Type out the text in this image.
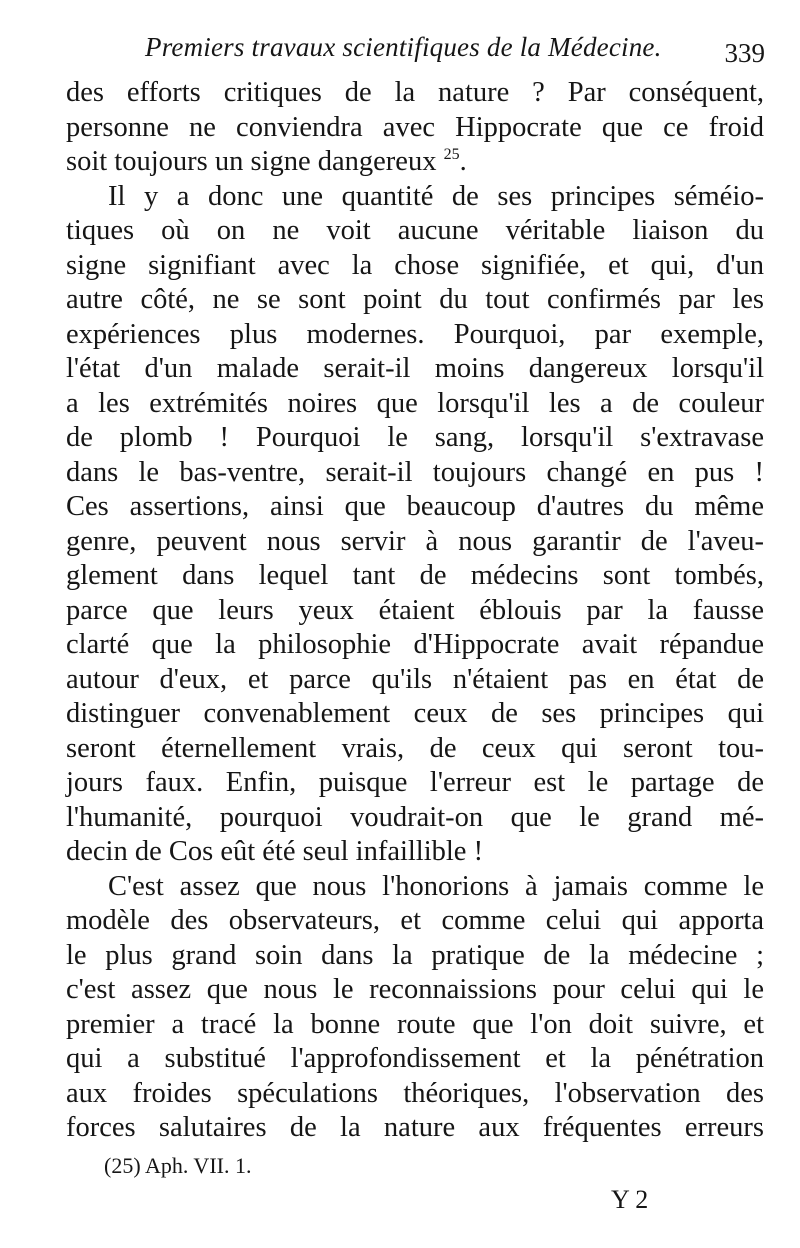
Premiers travaux scientifiques de la Médecine. 339
des efforts critiques de la nature ? Par conséquent,
personne ne conviendra avec Hippocrate que ce froid
soit toujours un signe dangereux $^{25}$.
Il y a donc une quantité de ses principes séméio-
tiques où on ne voit aucune véritable liaison du
signe signifiant avec la chose signifiée, et qui, d'un
autre côté, ne se sont point du tout confirmés par les
expériences plus modernes. Pourquoi, par exemple,
l'état d'un malade serait-il moins dangereux lorsqu'il
a les extrémités noires que lorsqu'il les a de couleur
de plomb ! Pourquoi le sang, lorsqu'il s'extravase
dans le bas-ventre, serait-il toujours changé en pus !
Ces assertions, ainsi que beaucoup d'autres du même
genre, peuvent nous servir à nous garantir de l'aveu-
glement dans lequel tant de médecins sont tombés,
parce que leurs yeux étaient éblouis par la fausse
clarté que la philosophie d'Hippocrate avait répandue
autour d'eux, et parce qu'ils n'étaient pas en état de
distinguer convenablement ceux de ses principes qui
seront éternellement vrais, de ceux qui seront tou-
jours faux. Enfin, puisque l'erreur est le partage de
l'humanité, pourquoi voudrait-on que le grand mé-
decin de Cos eût été seul infaillible !
C'est assez que nous l'honorions à jamais comme le
modèle des observateurs, et comme celui qui apporta
le plus grand soin dans la pratique de la médecine ;
c'est assez que nous le reconnaissions pour celui qui le
premier a tracé la bonne route que l'on doit suivre, et
qui a substitué l'approfondissement et la pénétration
aux froides spéculations théoriques, l'observation des
forces salutaires de la nature aux fréquentes erreurs
(25) Aph. VII. 1.
Y 2
